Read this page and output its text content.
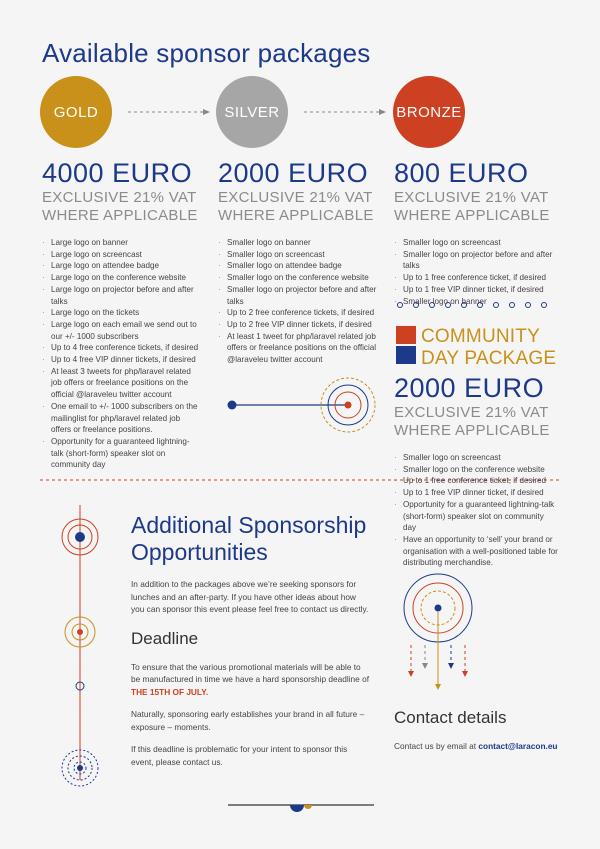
Available sponsor packages
GOLD	SILVER	BRONZE
4000 EURO
EXCLUSIVE 21% VAT
WHERE APPLICABLE
· Large logo on banner
· Large logo on screencast
· Large logo on attendee badge
· Large logo on the conference website
· Large logo on projector before and after talks
· Large logo on the tickets
· Large logo on each email we send out to our +/- 1000 subscribers
· Up to 4 free conference tickets, if desired
· Up to 4 free VIP dinner tickets, if desired
· At least 3 tweets for php/laravel related job offers or freelance positions on the official @laraveleu twitter account
· One email to +/- 1000 subscribers on the mailinglist for php/laravel related job offers or freelance positions.
· Opportunity for a guaranteed lightning-talk (short-form) speaker slot on community day
2000 EURO
EXCLUSIVE 21% VAT
WHERE APPLICABLE
· Smaller logo on banner
· Smaller logo on screencast
· Smaller logo on attendee badge
· Smaller logo on the conference website
· Smaller logo on projector before and after talks
· Up to 2 free conference tickets, if desired
· Up to 2 free VIP dinner tickets, if desired
· At least 1 tweet for php/laravel related job offers or freelance positions on the official @laraveleu twitter account
800 EURO
EXCLUSIVE 21% VAT
WHERE APPLICABLE
· Smaller logo on screencast
· Smaller logo on projector before and after talks
· Up to 1 free conference ticket, if desired
· Up to 1 free VIP dinner ticket, if desired
· Smaller logo on banner
COMMUNITY
DAY PACKAGE
2000 EURO
EXCLUSIVE 21% VAT
WHERE APPLICABLE
· Smaller logo on screencast
· Smaller logo on the conference website
· Up to 1 free conference ticket, if desired
· Up to 1 free VIP dinner ticket, if desired
· Opportunity for a guaranteed lightning-talk (short-form) speaker slot on community day
· Have an opportunity to ‘sell’ your brand or organisation with a well-positioned table for distributing merchandise.
Additional Sponsorship
Opportunities
In addition to the packages above we’re seeking sponsors for lunches and an after-party. If you have other ideas about how you can sponsor this event please feel free to contact us directly.
Deadline
To ensure that the various promotional materials will be able to be manufactured in time we have a hard sponsorship deadline of THE 15TH OF JULY.
Naturally, sponsoring early establishes your brand in all future – exposure – moments.
If this deadline is problematic for your intent to sponsor this event, please contact us.
Contact details
Contact us by email at contact@laracon.eu
